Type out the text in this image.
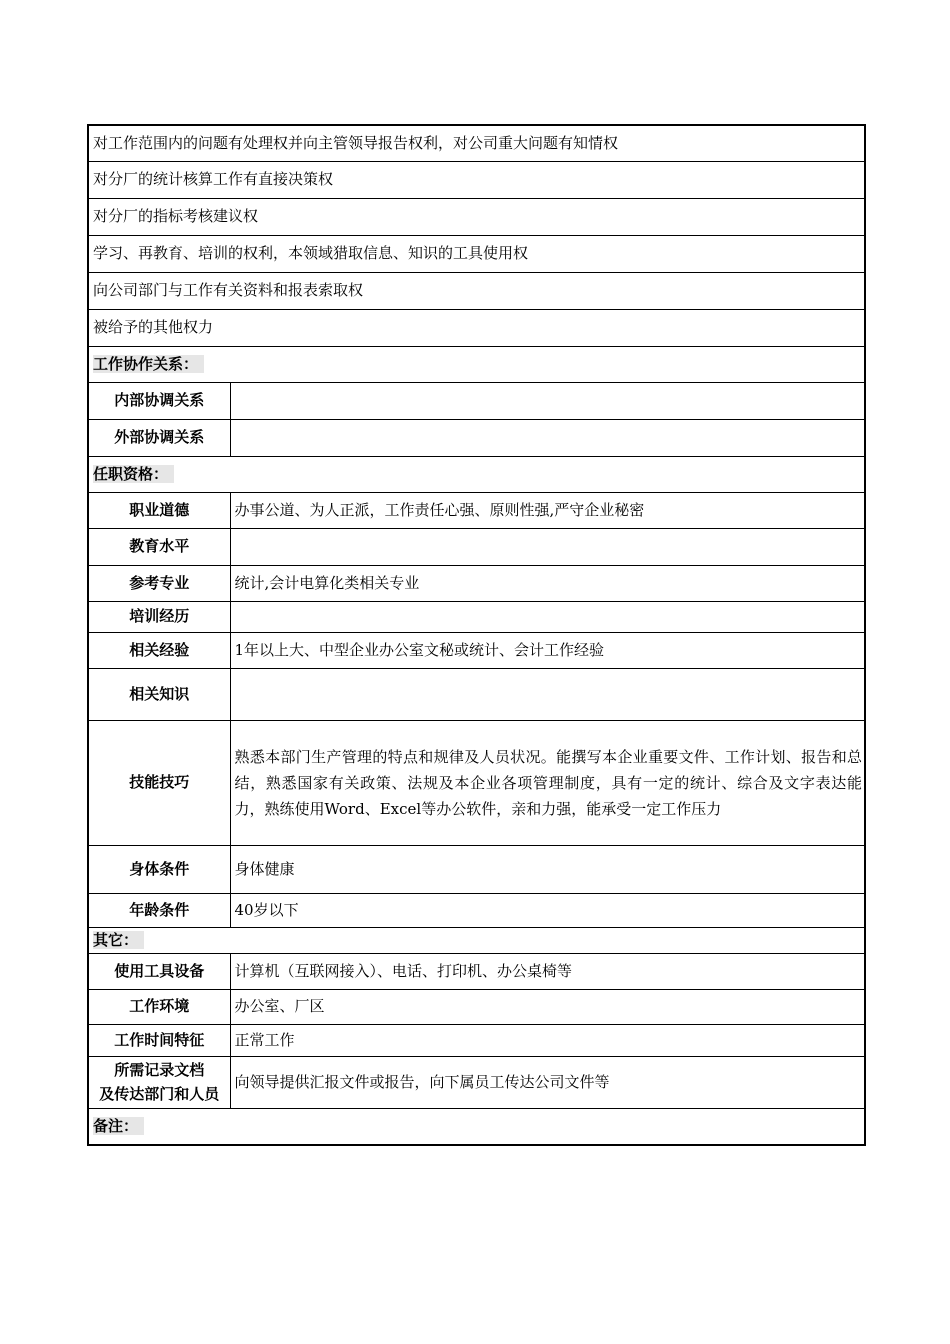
对工作范围内的问题有处理权并向主管领导报告权利，对公司重大问题有知情权	
对分厂的统计核算工作有直接决策权	
对分厂的指标考核建议权	
学习、再教育、培训的权利，本领域猎取信息、知识的工具使用权	
向公司部门与工作有关资料和报表索取权	
被给予的其他权力	
工作协作关系：	
内部协调关系	
外部协调关系	
任职资格：	
职业道德	办事公道、为人正派，工作责任心强、原则性强,严守企业秘密
教育水平	
参考专业	统计,会计电算化类相关专业
培训经历	
相关经验	1年以上大、中型企业办公室文秘或统计、会计工作经验
相关知识	
技能技巧	熟悉本部门生产管理的特点和规律及人员状况。能撰写本企业重要文件、工作计划、报告和总结，熟悉国家有关政策、法规及本企业各项管理制度，具有一定的统计、综合及文字表达能力，熟练使用Word、Excel等办公软件，亲和力强，能承受一定工作压力
身体条件	身体健康
年龄条件	40岁以下
其它：	
使用工具设备	计算机（互联网接入）、电话、打印机、办公桌椅等
工作环境	办公室、厂区
工作时间特征	正常工作

所需记录文档
及传达部门和人员	向领导提供汇报文件或报告，向下属员工传达公司文件等
备注：	
